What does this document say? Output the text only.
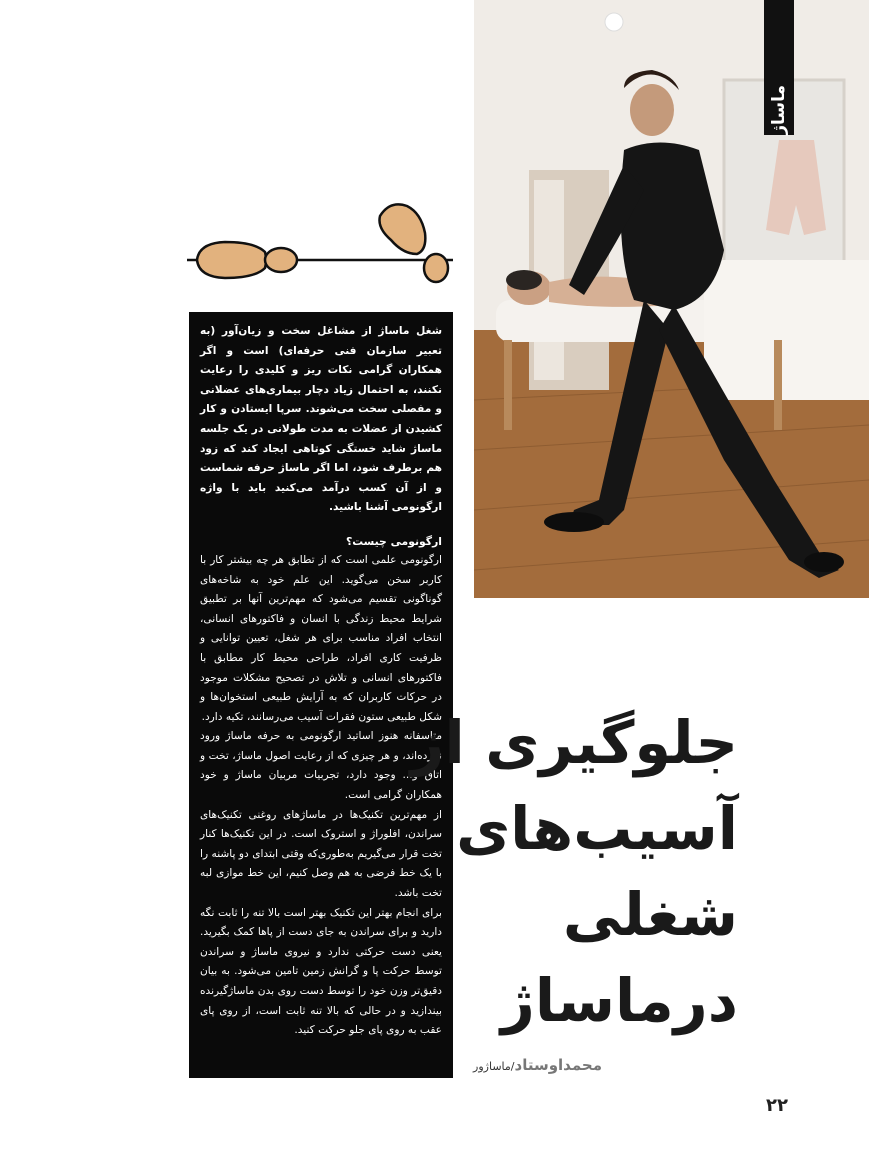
ماساژ

شغل ماساژ از مشاغل سخت و زیان‌آور (به تعبیر سازمان فنی حرفه‌ای) است و اگر همکاران گرامی نکات ریز و کلیدی را رعایت نکنند، به احتمال زیاد دچار بیماری‌های عضلانی و مفصلی سخت می‌شوند. سرپا ایستادن و کار کشیدن از عضلات به مدت طولانی در یک جلسه ماساژ شاید خستگی کوتاهی ایجاد کند که زود هم برطرف شود، اما اگر ماساژ حرفه شماست و از آن کسب درآمد می‌کنید باید با واژه ارگونومی آشنا باشید.

ارگونومی چیست؟

ارگونومی علمی است که از تطابق هر چه بیشتر کار با کاربر سخن می‌گوید. این علم خود به شاخه‌های گوناگونی تقسیم می‌شود که مهم‌ترین آنها بر تطبیق شرایط محیط زندگی با انسان و فاکتورهای انسانی، انتخاب افراد مناسب برای هر شغل، تعیین توانایی و ظرفیت کاری افراد، طراحی محیط کار مطابق با فاکتورهای انسانی و تلاش در تصحیح مشکلات موجود در حرکات کاربران که به آرایش طبیعی استخوان‌ها و شکل طبیعی ستون فقرات آسیب می‌رسانند، تکیه دارد.

متاسفانه هنوز اساتید ارگونومی به حرفه ماساژ ورود نکرده‌اند، و هر چیزی که از رعایت اصول ماساژ، تخت و اتاق و... وجود دارد، تجربیات مربیان ماساژ و خود همکاران گرامی است.

از مهم‌ترین تکنیک‌ها در ماساژهای روغنی تکنیک‌های سراندن، افلوراژ و استروک است. در این تکنیک‌ها کنار تخت قرار می‌گیریم به‌طوری‌که وقتی ابتدای دو پاشنه را با یک خط فرضی به هم وصل کنیم، این خط موازی لبه تخت باشد.

برای انجام بهتر این تکنیک بهتر است بالا تنه را ثابت نگه دارید و برای سراندن به جای دست از پاها کمک بگیرید. یعنی دست حرکتی ندارد و نیروی ماساژ و سراندن توسط حرکت پا و گرانش زمین تامین می‌شود. به بیان دقیق‌تر وزن خود را توسط دست روی بدن ماساژگیرنده بیندازید و در حالی که بالا تنه ثابت است، از روی پای عقب به روی پای جلو حرکت کنید.

جلوگیری از
آسیب‌های
شغلی
درماساژ
محمداوستاد/ماساژور
۲۲
